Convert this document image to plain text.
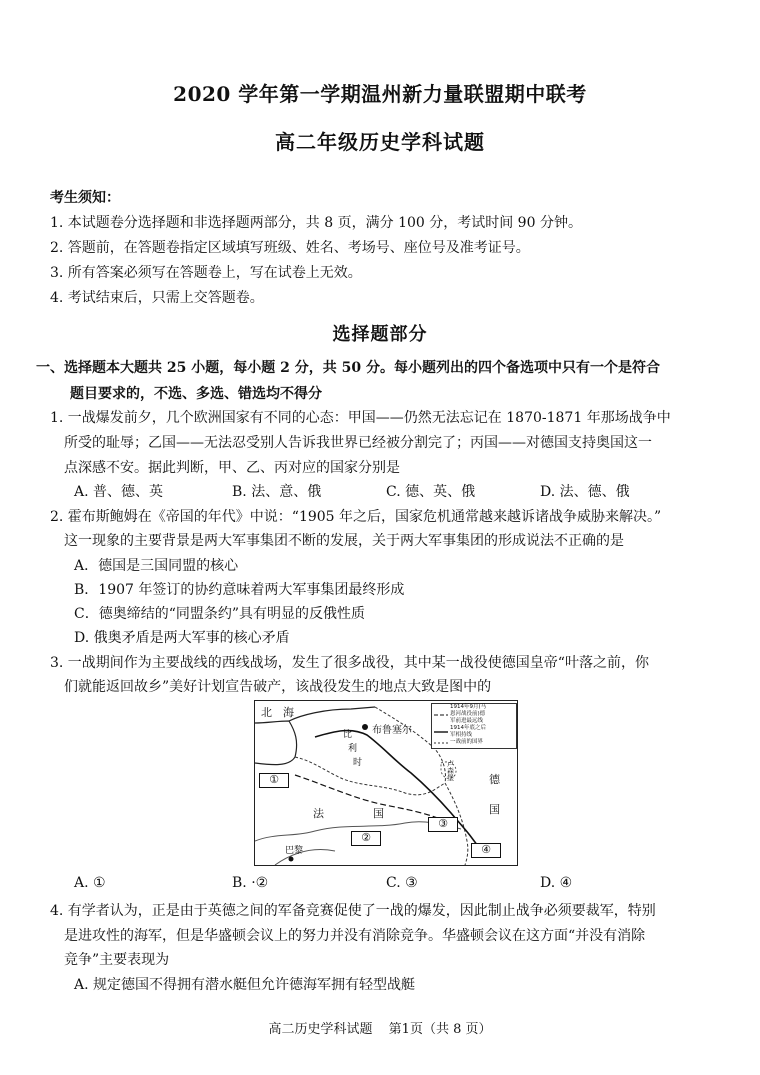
2020 学年第一学期温州新力量联盟期中联考
高二年级历史学科试题
考生须知：
1. 本试题卷分选择题和非选择题两部分，共 8 页，满分 100 分，考试时间 90 分钟。
2. 答题前，在答题卷指定区域填写班级、姓名、考场号、座位号及准考证号。
3. 所有答案必须写在答题卷上，写在试卷上无效。
4. 考试结束后，只需上交答题卷。
选择题部分
一、选择题本大题共 25 小题，每小题 2 分，共 50 分。每小题列出的四个备选项中只有一个是符合
题目要求的，不选、多选、错选均不得分
1. 一战爆发前夕，几个欧洲国家有不同的心态：甲国——仍然无法忘记在 1870-1871 年那场战争中
所受的耻辱；乙国——无法忍受别人告诉我世界已经被分割完了；丙国——对德国支持奥国这一
点深感不安。据此判断，甲、乙、丙对应的国家分别是
A. 普、德、英	B. 法、意、俄	C. 德、英、俄	D. 法、德、俄
2. 霍布斯鲍姆在《帝国的年代》中说：“1905 年之后，国家危机通常越来越诉诸战争威胁来解决。”
这一现象的主要背景是两大军事集团不断的发展，关于两大军事集团的形成说法不正确的是
A．德国是三国同盟的核心
B．1907 年签订的协约意味着两大军事集团最终形成
C．德奥缔结的“同盟条约”具有明显的反俄性质
D. 俄奥矛盾是两大军事的核心矛盾
3. 一战期间作为主要战线的西线战场，发生了很多战役，其中某一战役使德国皇帝“叶落之前，你
们就能返回故乡”美好计划宣告破产，该战役发生的地点大致是图中的
北　海
布鲁塞尔
比
利
时	卢森堡	德
国
法	国
巴黎
①
②
③
④
1914年9月(马
恩河战役前)德
军前进最远线
1914年底之后
军相持线
一战前的国界
A. ①	B. ·②	C. ③	D. ④
4. 有学者认为，正是由于英德之间的军备竞赛促使了一战的爆发，因此制止战争必须要裁军，特别
是进攻性的海军，但是华盛顿会议上的努力并没有消除竞争。华盛顿会议在这方面“并没有消除
竞争”主要表现为
A. 规定德国不得拥有潜水艇但允许德海军拥有轻型战艇
高二历史学科试题 第1页（共 8 页）
